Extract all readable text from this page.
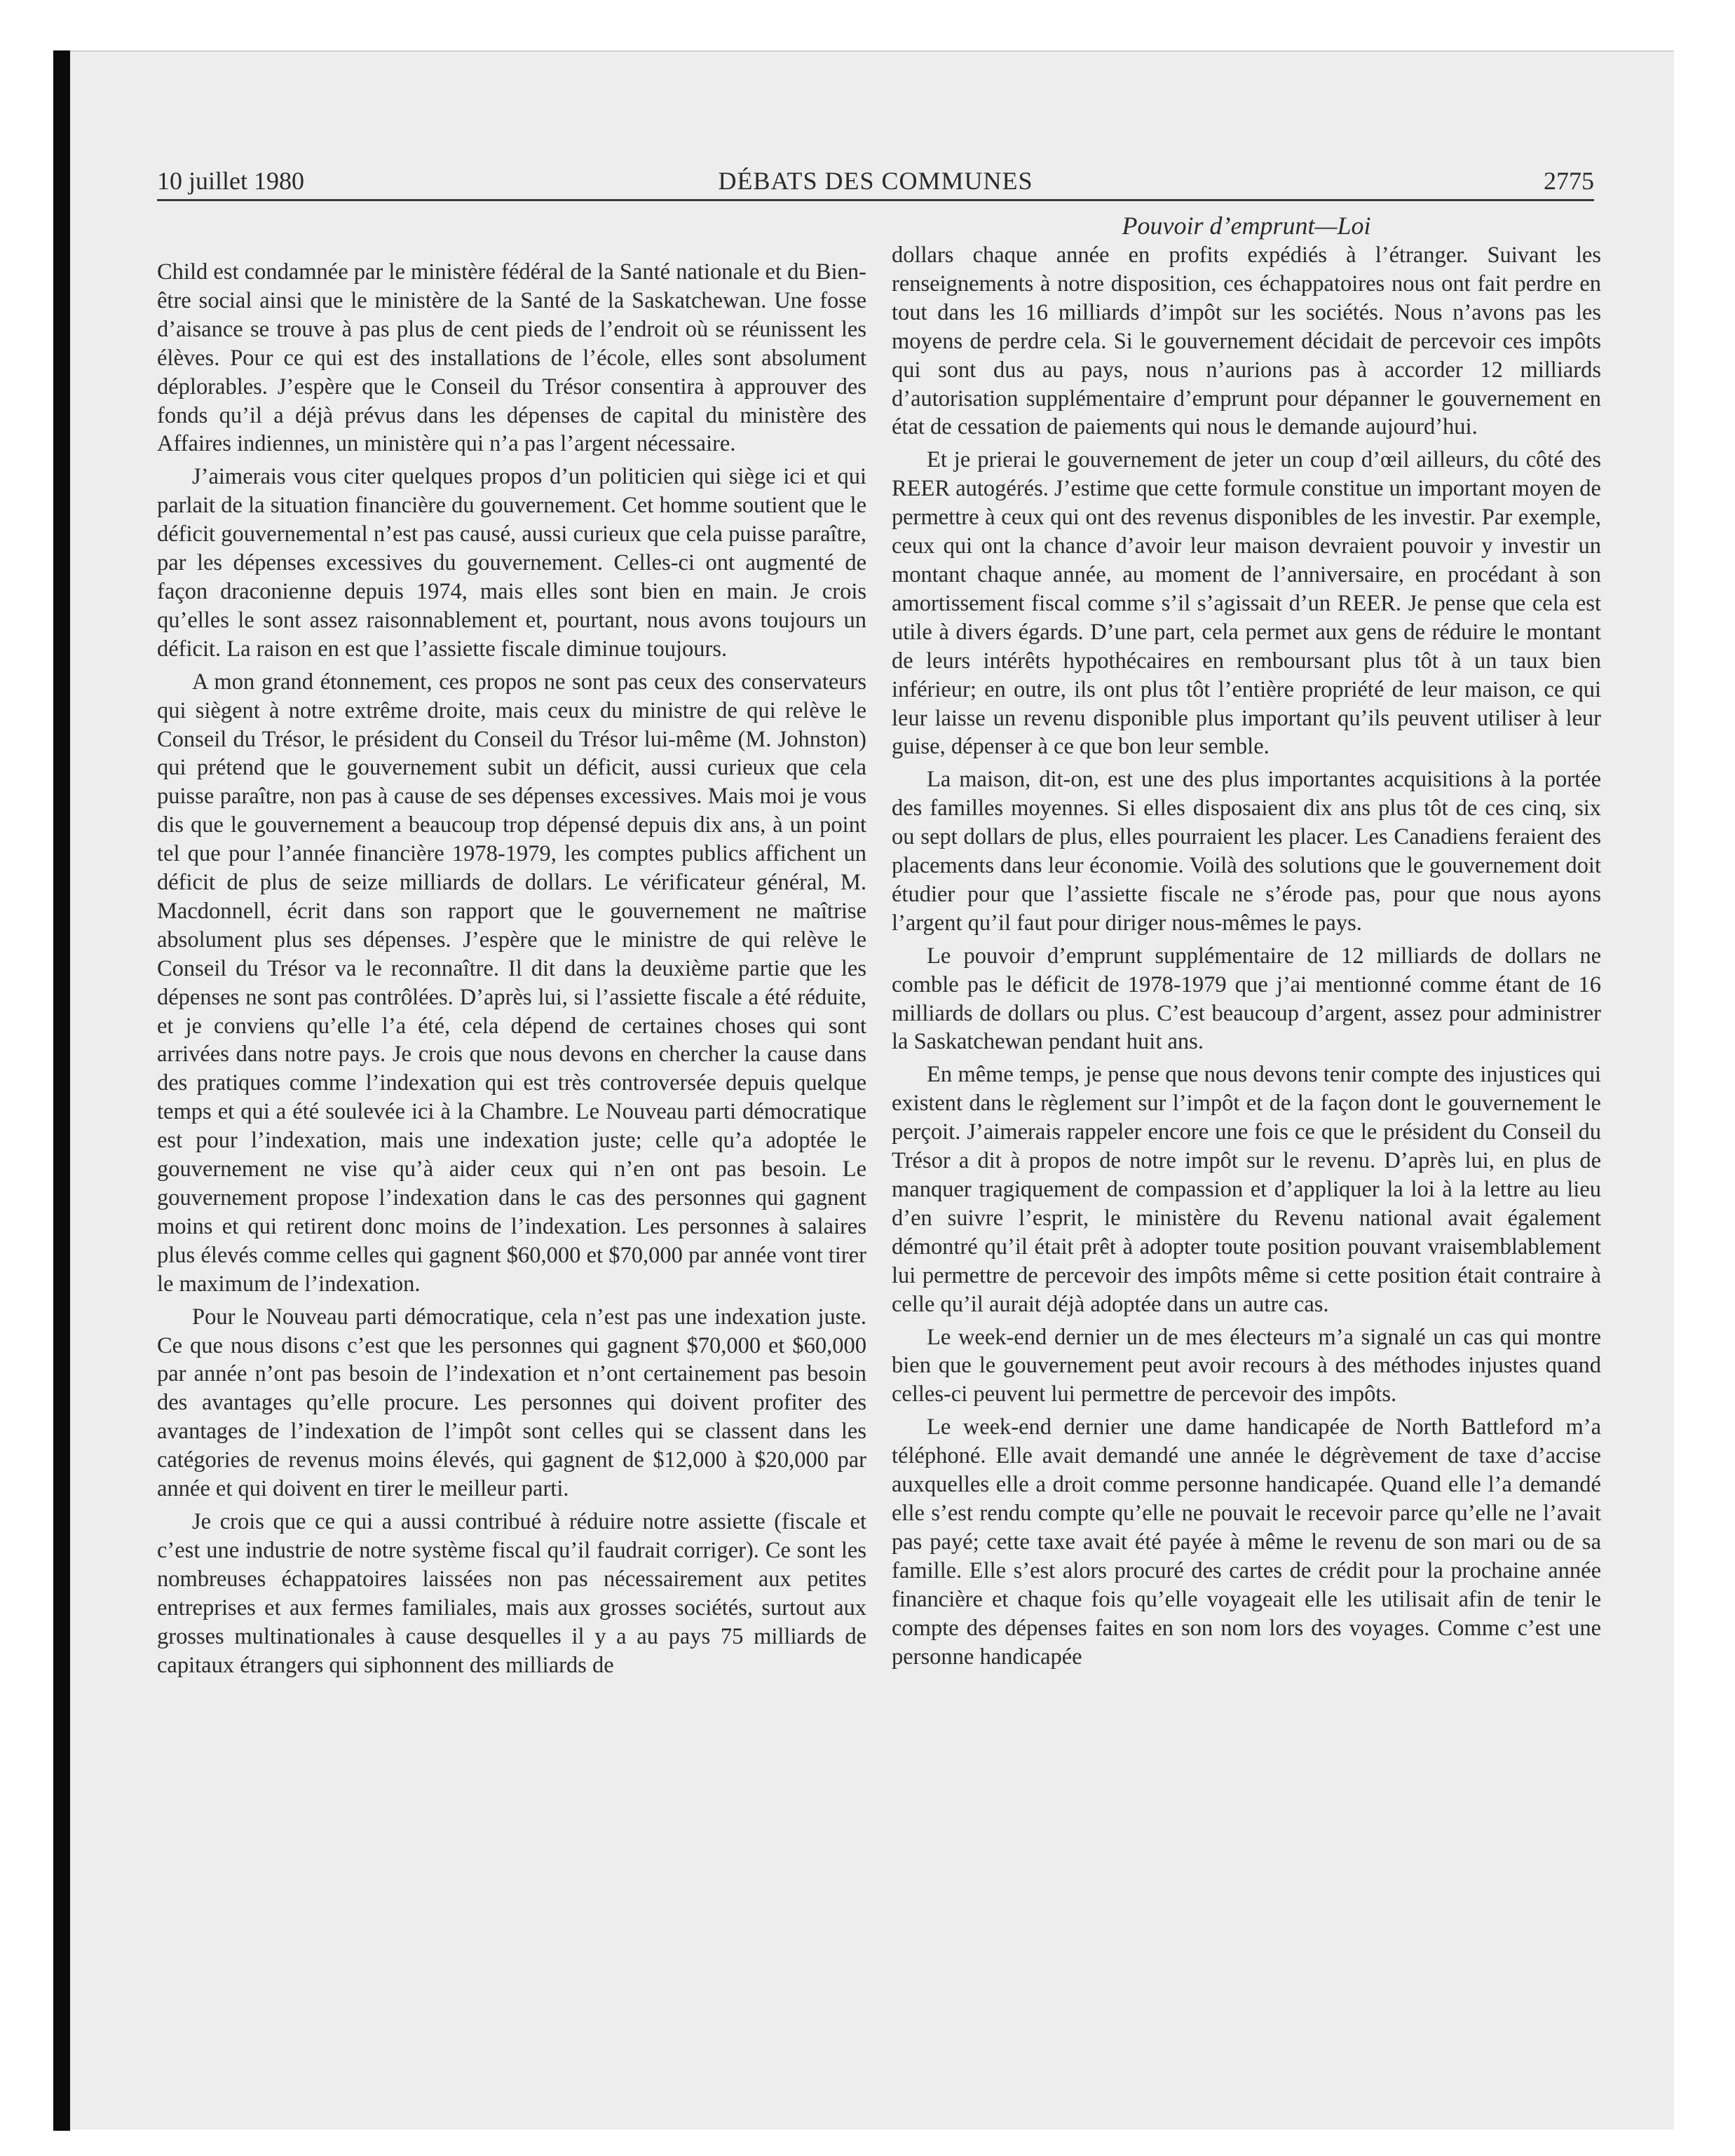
10 juillet 1980	DÉBATS DES COMMUNES	2775
Pouvoir d’emprunt—Loi

Child est condamnée par le ministère fédéral de la Santé nationale et du Bien-être social ainsi que le ministère de la Santé de la Saskatchewan. Une fosse d’aisance se trouve à pas plus de cent pieds de l’endroit où se réunissent les élèves. Pour ce qui est des installations de l’école, elles sont absolument déplorables. J’espère que le Conseil du Trésor consentira à approuver des fonds qu’il a déjà prévus dans les dépenses de capital du ministère des Affaires indiennes, un ministère qui n’a pas l’argent nécessaire.

J’aimerais vous citer quelques propos d’un politicien qui siège ici et qui parlait de la situation financière du gouvernement. Cet homme soutient que le déficit gouvernemental n’est pas causé, aussi curieux que cela puisse paraître, par les dépenses excessives du gouvernement. Celles-ci ont augmenté de façon draconienne depuis 1974, mais elles sont bien en main. Je crois qu’elles le sont assez raisonnablement et, pourtant, nous avons toujours un déficit. La raison en est que l’assiette fiscale diminue toujours.

A mon grand étonnement, ces propos ne sont pas ceux des conservateurs qui siègent à notre extrême droite, mais ceux du ministre de qui relève le Conseil du Trésor, le président du Conseil du Trésor lui-même (M. Johnston) qui prétend que le gouvernement subit un déficit, aussi curieux que cela puisse paraître, non pas à cause de ses dépenses excessives. Mais moi je vous dis que le gouvernement a beaucoup trop dépensé depuis dix ans, à un point tel que pour l’année financière 1978-1979, les comptes publics affichent un déficit de plus de seize milliards de dollars. Le vérificateur général, M. Macdonnell, écrit dans son rapport que le gouvernement ne maîtrise absolument plus ses dépenses. J’espère que le ministre de qui relève le Conseil du Trésor va le reconnaître. Il dit dans la deuxième partie que les dépenses ne sont pas contrôlées. D’après lui, si l’assiette fiscale a été réduite, et je conviens qu’elle l’a été, cela dépend de certaines choses qui sont arrivées dans notre pays. Je crois que nous devons en chercher la cause dans des pratiques comme l’indexation qui est très controversée depuis quelque temps et qui a été soulevée ici à la Chambre. Le Nouveau parti démocratique est pour l’indexation, mais une indexation juste; celle qu’a adoptée le gouvernement ne vise qu’à aider ceux qui n’en ont pas besoin. Le gouvernement propose l’indexation dans le cas des personnes qui gagnent moins et qui retirent donc moins de l’indexation. Les personnes à salaires plus élevés comme celles qui gagnent $60,000 et $70,000 par année vont tirer le maximum de l’indexation.

Pour le Nouveau parti démocratique, cela n’est pas une indexation juste. Ce que nous disons c’est que les personnes qui gagnent $70,000 et $60,000 par année n’ont pas besoin de l’indexation et n’ont certainement pas besoin des avantages qu’elle procure. Les personnes qui doivent profiter des avantages de l’indexation de l’impôt sont celles qui se classent dans les catégories de revenus moins élevés, qui gagnent de $12,000 à $20,000 par année et qui doivent en tirer le meilleur parti.

Je crois que ce qui a aussi contribué à réduire notre assiette (fiscale et c’est une industrie de notre système fiscal qu’il faudrait corriger). Ce sont les nombreuses échappatoires laissées non pas nécessairement aux petites entreprises et aux fermes familiales, mais aux grosses sociétés, surtout aux grosses multinationales à cause desquelles il y a au pays 75 milliards de capitaux étrangers qui siphonnent des milliards de

dollars chaque année en profits expédiés à l’étranger. Suivant les renseignements à notre disposition, ces échappatoires nous ont fait perdre en tout dans les 16 milliards d’impôt sur les sociétés. Nous n’avons pas les moyens de perdre cela. Si le gouvernement décidait de percevoir ces impôts qui sont dus au pays, nous n’aurions pas à accorder 12 milliards d’autorisation supplémentaire d’emprunt pour dépanner le gouvernement en état de cessation de paiements qui nous le demande aujourd’hui.

Et je prierai le gouvernement de jeter un coup d’œil ailleurs, du côté des REER autogérés. J’estime que cette formule constitue un important moyen de permettre à ceux qui ont des revenus disponibles de les investir. Par exemple, ceux qui ont la chance d’avoir leur maison devraient pouvoir y investir un montant chaque année, au moment de l’anniversaire, en procédant à son amortissement fiscal comme s’il s’agissait d’un REER. Je pense que cela est utile à divers égards. D’une part, cela permet aux gens de réduire le montant de leurs intérêts hypothécaires en remboursant plus tôt à un taux bien inférieur; en outre, ils ont plus tôt l’entière propriété de leur maison, ce qui leur laisse un revenu disponible plus important qu’ils peuvent utiliser à leur guise, dépenser à ce que bon leur semble.

La maison, dit-on, est une des plus importantes acquisitions à la portée des familles moyennes. Si elles disposaient dix ans plus tôt de ces cinq, six ou sept dollars de plus, elles pourraient les placer. Les Canadiens feraient des placements dans leur économie. Voilà des solutions que le gouvernement doit étudier pour que l’assiette fiscale ne s’érode pas, pour que nous ayons l’argent qu’il faut pour diriger nous-mêmes le pays.

Le pouvoir d’emprunt supplémentaire de 12 milliards de dollars ne comble pas le déficit de 1978-1979 que j’ai mentionné comme étant de 16 milliards de dollars ou plus. C’est beaucoup d’argent, assez pour administrer la Saskatchewan pendant huit ans.

En même temps, je pense que nous devons tenir compte des injustices qui existent dans le règlement sur l’impôt et de la façon dont le gouvernement le perçoit. J’aimerais rappeler encore une fois ce que le président du Conseil du Trésor a dit à propos de notre impôt sur le revenu. D’après lui, en plus de manquer tragiquement de compassion et d’appliquer la loi à la lettre au lieu d’en suivre l’esprit, le ministère du Revenu national avait également démontré qu’il était prêt à adopter toute position pouvant vraisemblablement lui permettre de percevoir des impôts même si cette position était contraire à celle qu’il aurait déjà adoptée dans un autre cas.

Le week-end dernier un de mes électeurs m’a signalé un cas qui montre bien que le gouvernement peut avoir recours à des méthodes injustes quand celles-ci peuvent lui permettre de percevoir des impôts.

Le week-end dernier une dame handicapée de North Battleford m’a téléphoné. Elle avait demandé une année le dégrèvement de taxe d’accise auxquelles elle a droit comme personne handicapée. Quand elle l’a demandé elle s’est rendu compte qu’elle ne pouvait le recevoir parce qu’elle ne l’avait pas payé; cette taxe avait été payée à même le revenu de son mari ou de sa famille. Elle s’est alors procuré des cartes de crédit pour la prochaine année financière et chaque fois qu’elle voyageait elle les utilisait afin de tenir le compte des dépenses faites en son nom lors des voyages. Comme c’est une personne handicapée
